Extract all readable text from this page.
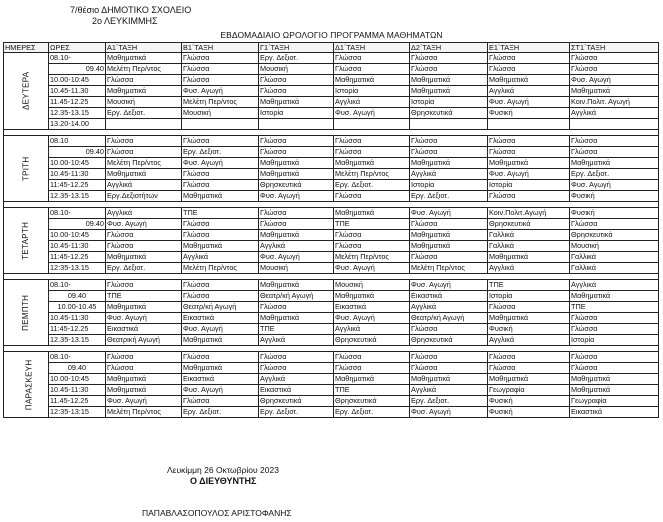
7/θέσιο ΔΗΜΟΤΙΚΟ ΣΧΟΛΕΙΟ
2ο ΛΕΥΚΙΜΜΗΣ
ΕΒΔΟΜΑΔΙΑΙΟ ΩΡΟΛΟΓΙΟ ΠΡΟΓΡΑΜΜΑ ΜΑΘΗΜΑΤΩΝ
ΗΜΕΡΕΣ	ΩΡΕΣ	Α1΄ΤΑΞΗ	Β1΄ΤΑΞΗ	Γ1΄ΤΑΞΗ	Δ1΄ΤΑΞΗ	Δ2΄ΤΑΞΗ	Ε1΄ΤΑΞΗ	ΣΤ1΄ΤΑΞΗ
ΔΕΥΤΕΡΑ	08.10-	Μαθηματικά	Γλώσσα	Εργ. Δεξιοτ.	Γλώσσα	Γλώσσα	Γλώσσα	Γλώσσα
	09.40	Μελέτη Περ/ντος	Γλώσσα	Μουσική	Γλώσσα	Γλώσσα	Γλώσσα	Γλώσσα
	10.00-10:45	Γλώσσα	Γλώσσα	Γλώσσα	Μαθηματικά	Μαθηματικά	Μαθηματικά	Φυσ. Αγωγή
	10.45-11.30	Μαθηματικά	Φυσ. Αγωγή	Γλώσσα	Ιστορία	Μαθηματικά	Αγγλικά	Μαθηματικά
	11.45-12.25	Μουσική	Μελέτη Περ/ντος	Μαθηματικά	Αγγλικά	Ιστορία	Φυσ. Αγωγή	Κοιν.Πολιτ. Αγωγή
	12.35-13.15	Εργ. Δεξιοτ.	Μουσική	Ιστορία	Φυσ. Αγωγή	Θρησκευτικά	Φυσική	Αγγλικά
	13.20-14.00							

ΤΡΙΤΗ	08.10	Γλώσσα	Γλώσσα	Γλώσσα	Γλώσσα	Γλώσσα	Γλώσσα	Γλώσσα
	09.40	Γλώσσα	Εργ. Δεξιοτ.	Γλώσσα	Γλώσσα	Γλώσσα	Γλώσσα	Γλώσσα
	10.00-10:45	Μελέτη Περ/ντος	Φυσ. Αγωγή	Μαθηματικά	Μαθηματικά	Μαθηματικά	Μαθηματικά	Μαθηματικά
	10.45-11:30	Μαθηματικά	Γλώσσα	Μαθηματικά	Μελέτη Περ/ντος	Αγγλικά	Φυσ. Αγωγή	Εργ. Δεξιοτ.
	11:45-12.25	Αγγλικά	Γλώσσα	Θρησκευτικά	Εργ. Δεξιοτ.	Ιστορία	Ιστορία	Φυσ. Αγωγή
	12.35-13.15	Εργ.Δεξιοτήτων	Μαθηματικά	Φυσ. Αγωγή	Γλώσσα	Εργ. Δεξιοτ.	Γλώσσα	Φυσική

ΤΕΤΑΡΤΗ	08.10-	Αγγλικά	ΤΠΕ	Γλώσσα	Μαθηματικά	Φυσ. Αγωγή	Κοιν.Πολιτ.Αγωγή	Φυσική
	09.40	Φυσ. Αγωγή	Γλώσσα	Γλώσσα	ΤΠΕ	Γλώσσα	Θρησκευτικά	Γλώσσα
	10.00-10:45	Γλώσσα	Γλώσσα	Μαθηματικά	Γλώσσα	Μαθηματικά	Γαλλικά	Θρησκευτικά
	10.45-11:30	Γλώσσα	Μαθηματικά	Αγγλικά	Γλώσσα	Μαθηματικά	Γαλλικά	Μουσική
	11:45-12.25	Μαθηματικά	Αγγλικά	Φυσ. Αγωγή	Μελέτη Περ/ντος	Γλώσσα	Μαθηματικά	Γαλλικά
	12:35-13.15	Εργ. Δεξιοτ.	Μελέτη Περ/ντος	Μουσική	Φυσ. Αγωγή	Μελέτη Περ/ντος	Αγγλικά	Γαλλικά

ΠΕΜΠΤΗ	08.10-	Γλώσσα	Γλώσσα	Μαθηματικά	Μουσική	Φυσ. Αγωγή	ΤΠΕ	Αγγλικά
	09.40	ΤΠΕ	Γλώσσα	Θεατρ/κή Αγωγή	Μαθηματικά	Εικαστικά	Ιστορία	Μαθηματικά
	10.00-10.45	Μαθηματικά	Θεατρ/κή Αγωγή	Γλώσσα	Εικαστικά	Αγγλικά	Γλώσσα	ΤΠΕ
	10.45-11:30	Φυσ. Αγωγή	Εικαστικά	Μαθηματικά	Φυσ. Αγωγή	Θεατρ/κή Αγωγή	Μαθηματικά	Γλώσσα
	11:45-12.25	Εικαστικά	Φυσ. Αγωγή	ΤΠΕ	Αγγλικά	Γλώσσα	Φυσική	Γλώσσα
	12.35-13.15	Θεατρική Αγωγή	Μαθηματικά	Αγγλικά	Θρησκευτικά	Θρησκευτικά	Αγγλικά	Ιστορία

ΠΑΡΑΣΚΕΥΗ	08.10-	Γλώσσα	Γλώσσα	Γλώσσα	Γλώσσα	Γλώσσα	Γλώσσα	Γλώσσα
	09.40	Γλώσσα	Μαθηματικά	Γλώσσα	Γλώσσα	Γλώσσα	Γλώσσα	Γλώσσα
	10.00-10:45	Μαθηματικά	Εικαστικά	Αγγλικά	Μαθηματικά	Μαθηματικά	Μαθηματικά	Μαθηματικά
	10.45-11:30	Μαθηματικά	Φυσ. Αγωγή	Εικαστικά	ΤΠΕ	Αγγλικά	Γεωγραφία	Μαθηματικά
	11.45-12.25	Φυσ. Αγωγή	Γλώσσα	Θρησκευτικά	Θρησκευτικά	Εργ. Δεξιοτ.	Φυσική	Γεωγραφία
	12:35-13:15	Μελέτη Περ/ντος	Εργ. Δεξιοτ.	Εργ. Δεξιοτ.	Εργ. Δεξιοτ.	Φυσ. Αγωγή	Φυσική	Εικαστικά
Λευκίμμη 26 Οκτωβρίου 2023
Ο ΔΙΕΥΘΥΝΤΗΣ
ΠΑΠΑΒΛΑΣΟΠΟΥΛΟΣ ΑΡΙΣΤΟΦΑΝΗΣ
